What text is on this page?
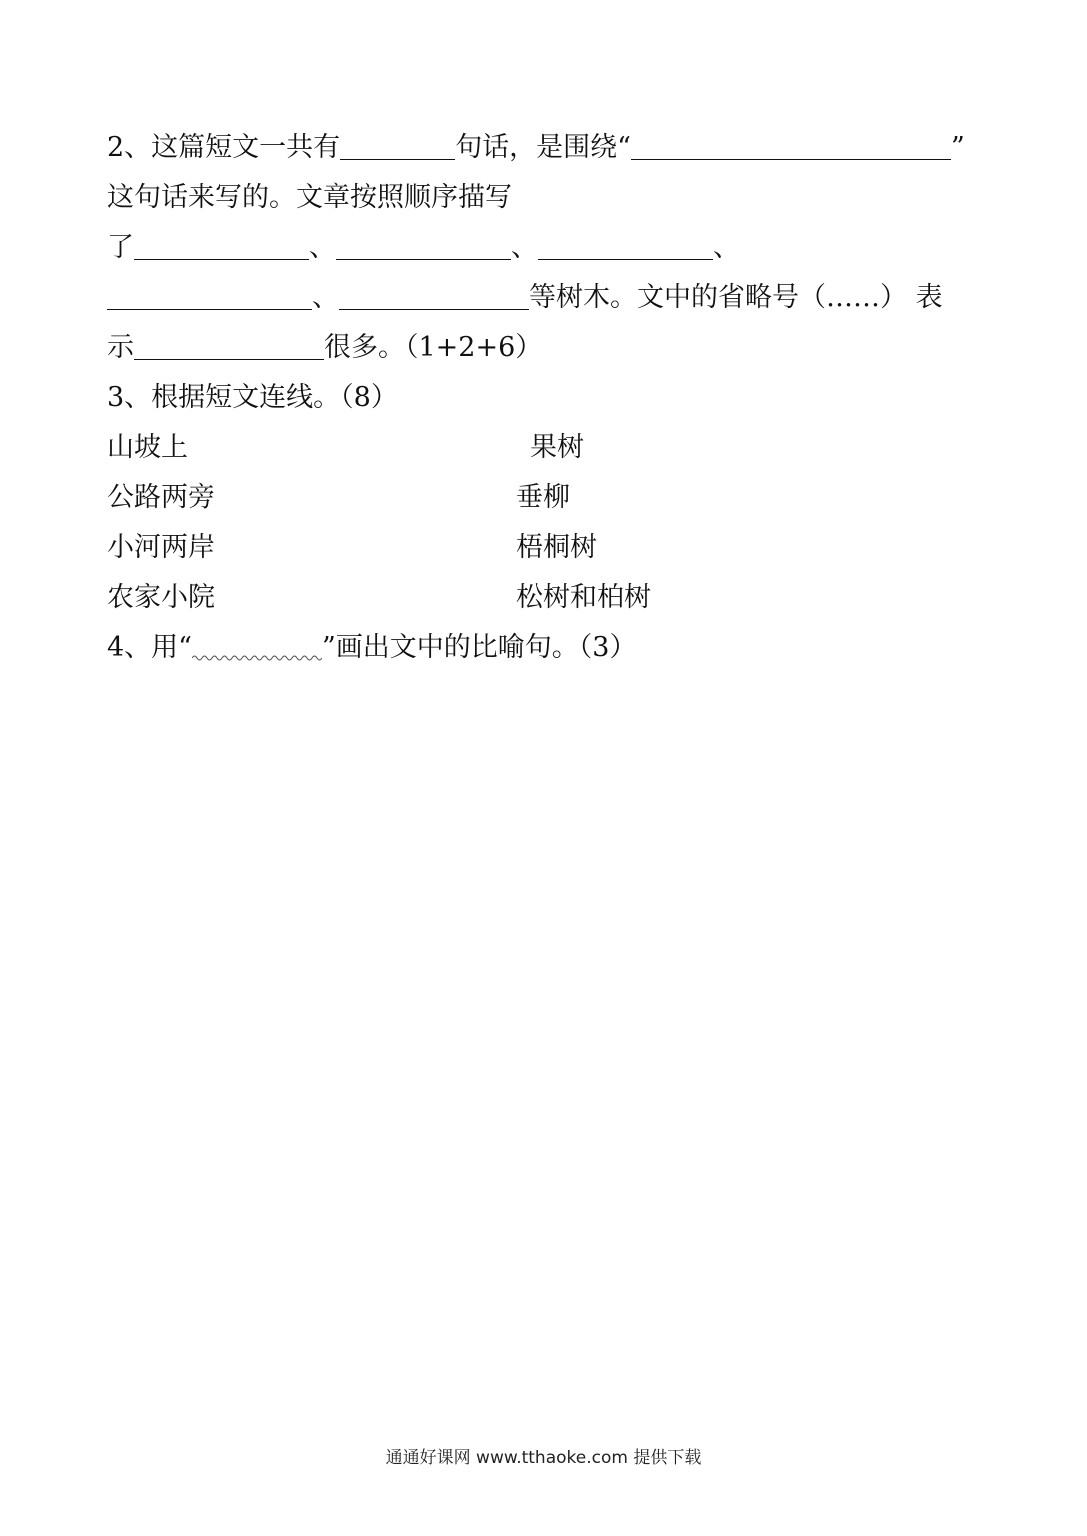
2、这篇短文一共有	句话，是围绕“	”
这句话来写的。文章按照顺序描写
了	、	、	、
、	等树木。文中的省略号（……） 表
示	很多。（1+2+6）
3、根据短文连线。（8）
山坡上	果树
公路两旁	垂柳
小河两岸	梧桐树
农家小院	松树和柏树
4、用“	”画出文中的比喻句。（3）
通通好课网 www.tthaoke.com 提供下载
